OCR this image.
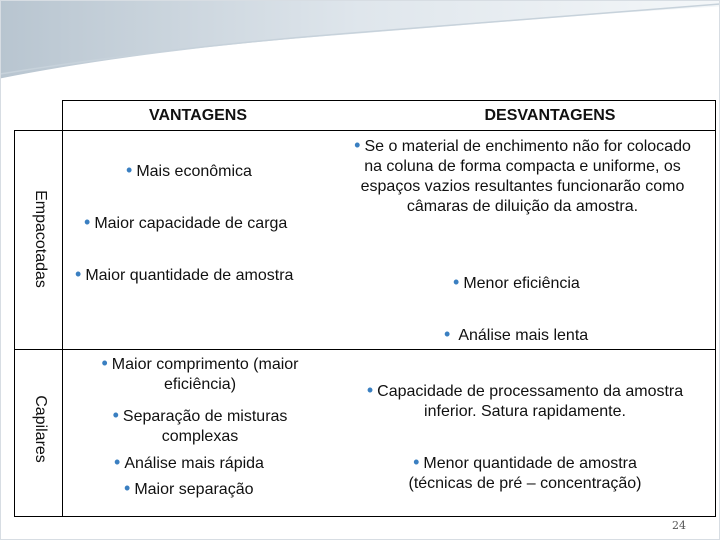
VANTAGENS	DESVANTAGENS
Empacotadas
Capilares
• Mais econômica
• Maior capacidade de carga
• Maior quantidade de amostra
• Se o material de enchimento não for colocado na coluna de forma compacta e uniforme, os espaços vazios resultantes funcionarão como câmaras de diluição da amostra.
• Menor eficiência
• Análise mais lenta
• Maior comprimento (maior eficiência)
• Separação de misturas complexas
• Análise mais rápida
• Maior separação
• Capacidade de processamento da amostra inferior. Satura rapidamente.
• Menor quantidade de amostra (técnicas de pré – concentração)
24
